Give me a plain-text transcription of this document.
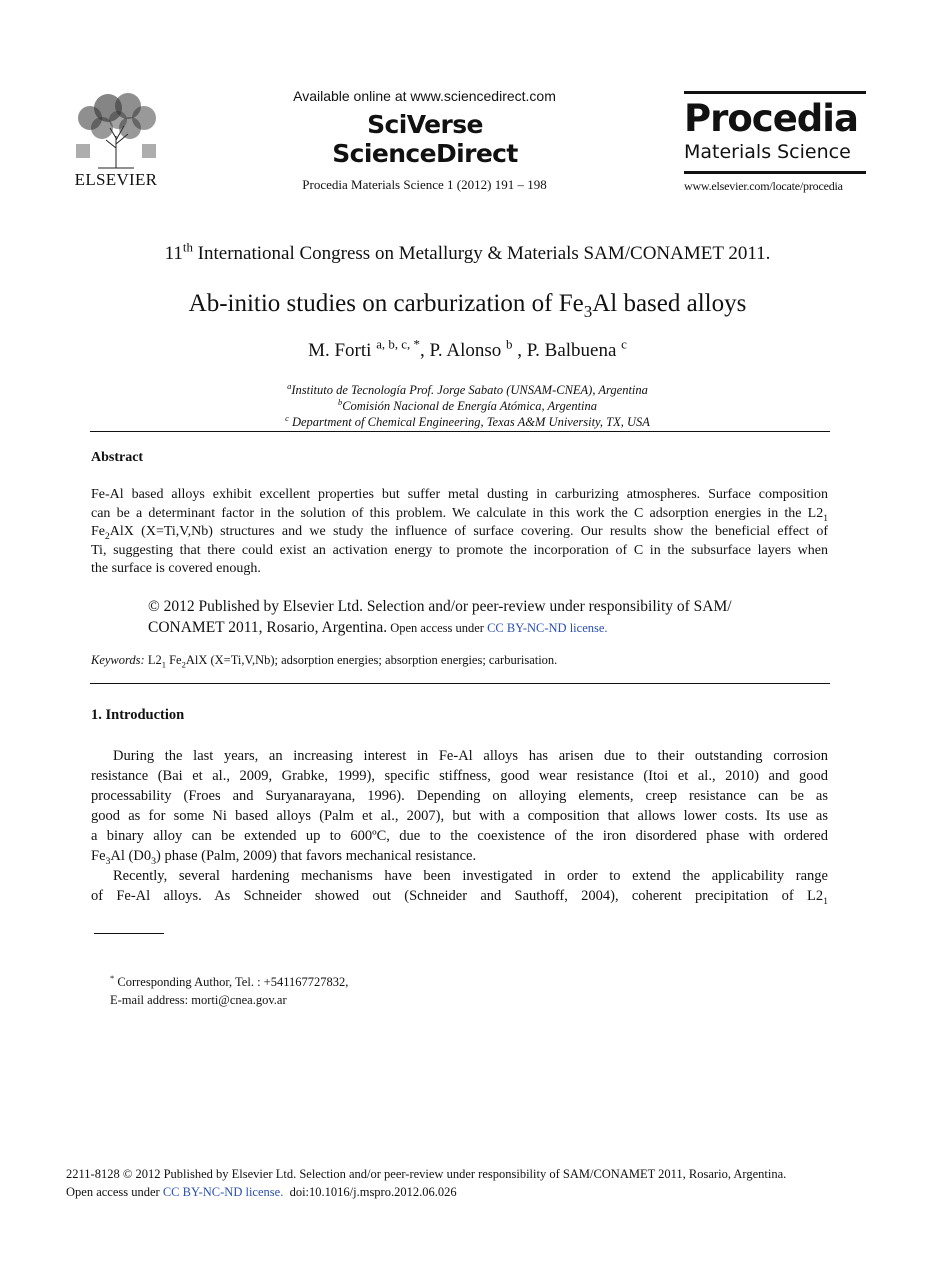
ELSEVIER
Available online at www.sciencedirect.com
SciVerse ScienceDirect
Procedia Materials Science 1 (2012) 191 – 198
Procedia
Materials Science
www.elsevier.com/locate/procedia
11th International Congress on Metallurgy & Materials SAM/CONAMET 2011.
Ab-initio studies on carburization of $Fe_3Al$ based alloys
M. Forti $^{a, b, c, *}$, P. Alonso $^b$ , P. Balbuena $^c$
$^a$Instituto de Tecnología Prof. Jorge Sabato (UNSAM-CNEA), Argentina
$^b$Comisión Nacional de Energía Atómica, Argentina
$^c$ Department of Chemical Engineering, Texas A&M University, TX, USA
Abstract
Fe-Al based alloys exhibit excellent properties but suffer metal dusting in carburizing atmospheres. Surface composition
can be a determinant factor in the solution of this problem. We calculate in this work the C adsorption energies in the $L2_1$
$Fe_2AlX$ (X=Ti,V,Nb) structures and we study the influence of surface covering. Our results show the beneficial effect of
Ti, suggesting that there could exist an activation energy to promote the incorporation of C in the subsurface layers when
the surface is covered enough.
© 2012 Published by Elsevier Ltd. Selection and/or peer-review under responsibility of SAM/
CONAMET 2011, Rosario, Argentina. Open access under CC BY-NC-ND license.
Keywords: $L2_1$ $Fe_2AlX$ (X=Ti,V,Nb); adsorption energies; absorption energies; carburisation.
1. Introduction
During the last years, an increasing interest in Fe-Al alloys has arisen due to their outstanding corrosion
resistance (Bai et al., 2009, Grabke, 1999), specific stiffness, good wear resistance (Itoi et al., 2010) and good
processability (Froes and Suryanarayana, 1996). Depending on alloying elements, creep resistance can be as
good as for some Ni based alloys (Palm et al., 2007), but with a composition that allows lower costs. Its use as
a binary alloy can be extended up to 600ºC, due to the coexistence of the iron disordered phase with ordered
$Fe_3Al$ $(D0_3)$ phase (Palm, 2009) that favors mechanical resistance.
Recently, several hardening mechanisms have been investigated in order to extend the applicability range
of Fe-Al alloys. As Schneider showed out (Schneider and Sauthoff, 2004), coherent precipitation of $L2_1$
* Corresponding Author, Tel. : +541167727832,
E-mail address: morti@cnea.gov.ar
2211-8128 © 2012 Published by Elsevier Ltd. Selection and/or peer-review under responsibility of SAM/CONAMET 2011, Rosario, Argentina.
Open access under CC BY-NC-ND license. doi:10.1016/j.mspro.2012.06.026
